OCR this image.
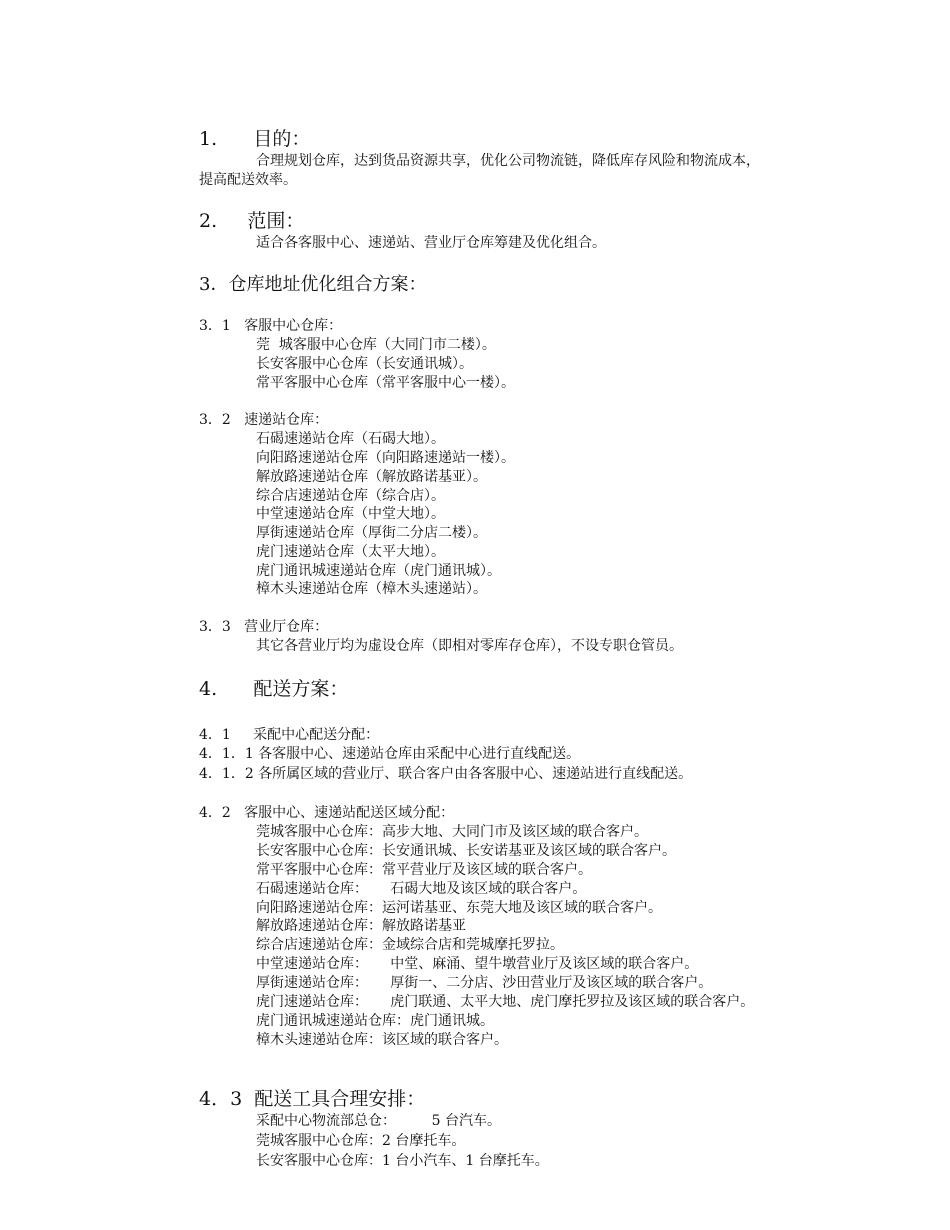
1.      目的：
合理规划仓库，达到货品资源共享，优化公司物流链，降低库存风险和物流成本，
提高配送效率。
2.     范围：
适合各客服中心、速递站、营业厅仓库筹建及优化组合。
3．仓库地址优化组合方案：
3．1   客服中心仓库：
莞  城客服中心仓库（大同门市二楼）。
长安客服中心仓库（长安通讯城）。
常平客服中心仓库（常平客服中心一楼）。
3．2   速递站仓库：
石碣速递站仓库（石碣大地）。
向阳路速递站仓库（向阳路速递站一楼）。
解放路速递站仓库（解放路诺基亚）。
综合店速递站仓库（综合店）。
中堂速递站仓库（中堂大地）。
厚街速递站仓库（厚街二分店二楼）。
虎门速递站仓库（太平大地）。
虎门通讯城速递站仓库（虎门通讯城）。
樟木头速递站仓库（樟木头速递站）。
3．3   营业厅仓库：
其它各营业厅均为虚设仓库（即相对零库存仓库），不设专职仓管员。
4.      配送方案：
4．1     采配中心配送分配：
4．1．1 各客服中心、速递站仓库由采配中心进行直线配送。
4．1．2 各所属区域的营业厅、联合客户由各客服中心、速递站进行直线配送。
4．2   客服中心、速递站配送区域分配：
莞城客服中心仓库：高步大地、大同门市及该区域的联合客户。
长安客服中心仓库：长安通讯城、长安诺基亚及该区域的联合客户。
常平客服中心仓库：常平营业厅及该区域的联合客户。
石碣速递站仓库：     石碣大地及该区域的联合客户。
向阳路速递站仓库：运河诺基亚、东莞大地及该区域的联合客户。
解放路速递站仓库：解放路诺基亚
综合店速递站仓库：金域综合店和莞城摩托罗拉。
中堂速递站仓库：     中堂、麻涌、望牛墩营业厅及该区域的联合客户。
厚街速递站仓库：     厚街一、二分店、沙田营业厅及该区域的联合客户。
虎门速递站仓库：     虎门联通、太平大地、虎门摩托罗拉及该区域的联合客户。
虎门通讯城速递站仓库：虎门通讯城。
樟木头速递站仓库：该区域的联合客户。
4．3  配送工具合理安排：
采配中心物流部总仓：        5 台汽车。
莞城客服中心仓库：2 台摩托车。
长安客服中心仓库：1 台小汽车、1 台摩托车。
